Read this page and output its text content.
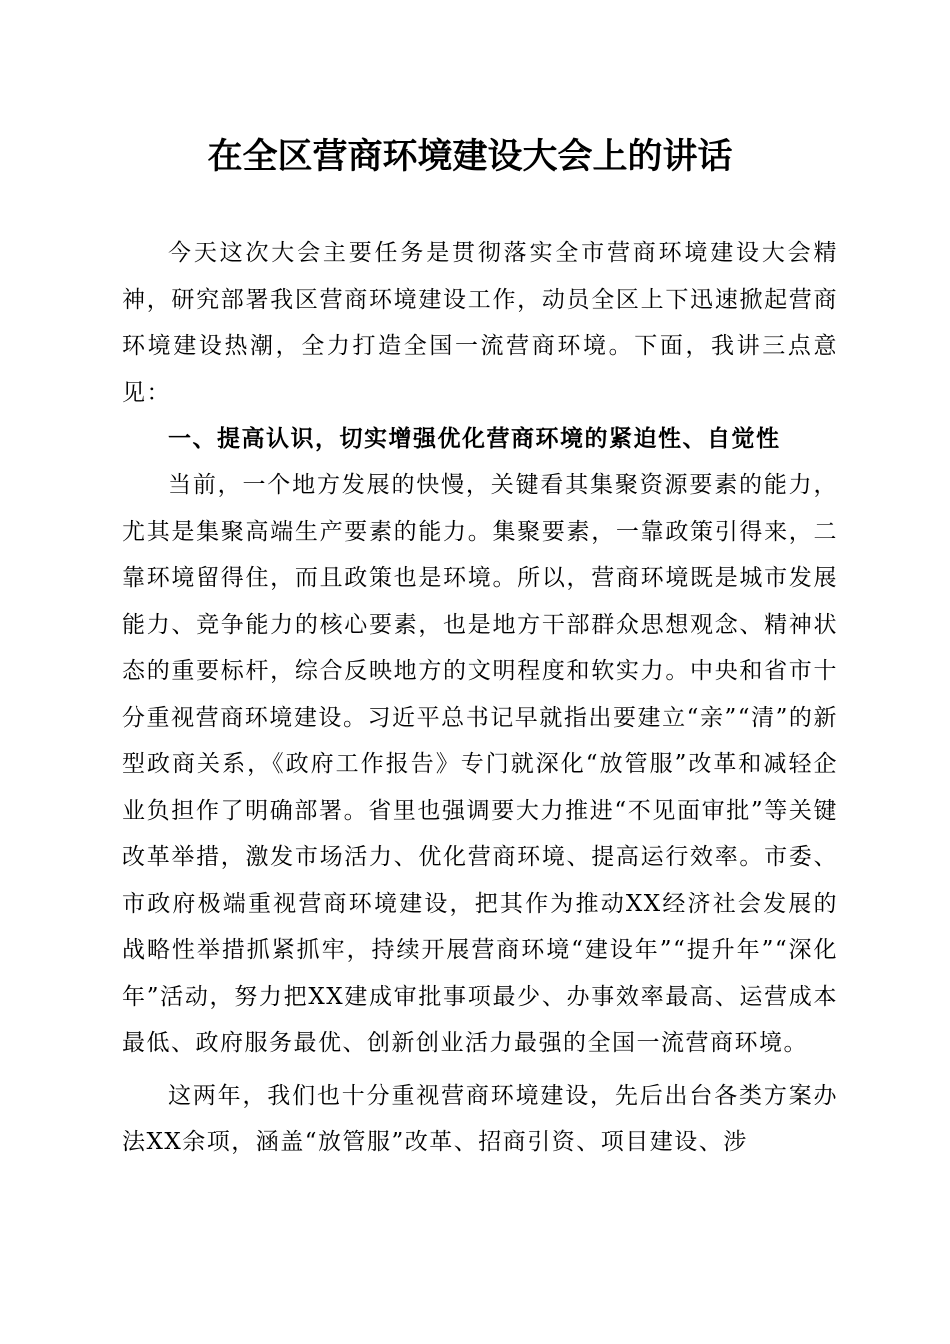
在全区营商环境建设大会上的讲话

今天这次大会主要任务是贯彻落实全市营商环境建设大会精神，研究部署我区营商环境建设工作，动员全区上下迅速掀起营商环境建设热潮，全力打造全国一流营商环境。下面，我讲三点意见：

一、提高认识，切实增强优化营商环境的紧迫性、自觉性

当前，一个地方发展的快慢，关键看其集聚资源要素的能力，尤其是集聚高端生产要素的能力。集聚要素，一靠政策引得来，二靠环境留得住，而且政策也是环境。所以，营商环境既是城市发展能力、竞争能力的核心要素，也是地方干部群众思想观念、精神状态的重要标杆，综合反映地方的文明程度和软实力。中央和省市十分重视营商环境建设。习近平总书记早就指出要建立“亲”“清”的新型政商关系，《政府工作报告》专门就深化“放管服”改革和减轻企业负担作了明确部署。省里也强调要大力推进“不见面审批”等关键改革举措，激发市场活力、优化营商环境、提高运行效率。市委、市政府极端重视营商环境建设，把其作为推动XX经济社会发展的战略性举措抓紧抓牢，持续开展营商环境“建设年”“提升年”“深化年”活动，努力把XX建成审批事项最少、办事效率最高、运营成本最低、政府服务最优、创新创业活力最强的全国一流营商环境。

这两年，我们也十分重视营商环境建设，先后出台各类方案办法XX余项，涵盖“放管服”改革、招商引资、项目建设、涉
